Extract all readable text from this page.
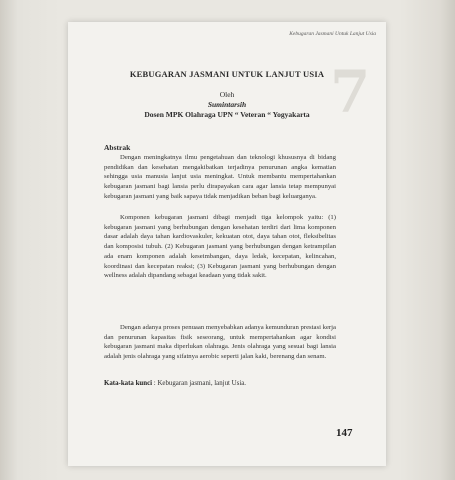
Kebugaran Jasmani Untuk Lanjut Usia
7
KEBUGARAN JASMANI UNTUK LANJUT USIA
Oleh
Sumintarsih
Dosen MPK Olahraga UPN “ Veteran “ Yogyakarta
Abstrak
Dengan meningkatnya ilmu pengetahuan dan teknologi khususnya di bidang pendidikan dan kesehatan mengakibatkan terjadinya penurunan angka kematian sehingga usia manusia lanjut usia meningkat. Untuk membantu mempertahankan kebugaran jasmani bagi lansia perlu dirapayakan cara agar lansia tetap mempunyai kebugaran jasmani yang baik sapaya tidak menjadikan beban bagi keluarganya.
Komponen kebugaran jasmani dibagi menjadi tiga kelompok yaitu: (1) kebugaran jasmani yang berhubungan dengan kesehatan terdiri dari lima komponen dasar adalah daya tahan kardiovaskuler, kekuatan otot, daya tahan otot, fleksibelitas dan komposisi tubuh. (2) Kebugaran jasmani yang berhubungan dengan ketrampilan ada enam komponen adalah keseimbangan, daya ledak, kecepatan, kelincahan, koordinasi dan kecepatan reaksi; (3) Kebugaran jasmani yang berhubungan dengan wellness adalah dipandang sebagai keadaan yang tidak sakit.
Dengan adanya proses penuaan menyebabkan adanya kemunduran prestasi kerja dan penurunan kapasitas fisik seseorang, untuk mempertahankan agar kondisi kebugaran jasmani maka diperlukan olahraga. Jenis olahraga yang sesuai bagi lansia adalah jenis olahraga yang sifatnya aerobic seperti jalan kaki, berenang dan senam.
Kata-kata kunci : Kebugaran jasmani, lanjut Usia.
147
